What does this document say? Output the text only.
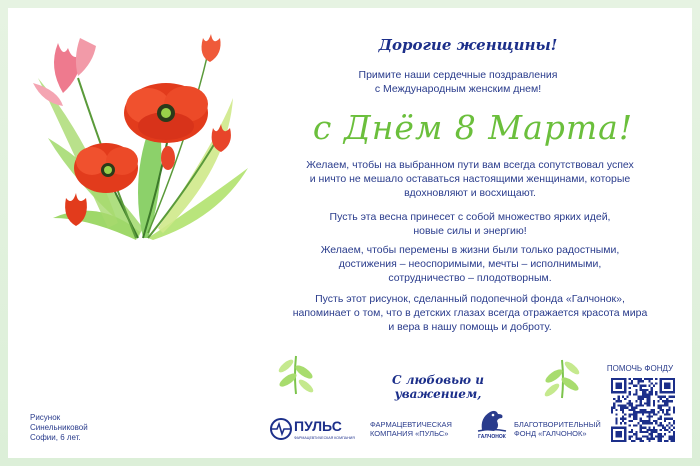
Дорогие женщины!
Примите наши сердечные поздравления
с Международным женским днем!
с Днём 8 Марта!
Желаем, чтобы на выбранном пути вам всегда сопутствовал успех
и ничто не мешало оставаться настоящими женщинами, которые
вдохновляют и восхищают.
Пусть эта весна принесет с собой множество ярких идей,
новые силы и энергию!
Желаем, чтобы перемены в жизни были только радостными,
достижения – неоспоримыми, мечты – исполнимыми,
сотрудничество – плодотворным.
Пусть этот рисунок, сделанный подопечной фонда «Галчонок»,
напоминает о том, что в детских глазах всегда отражается красота мира
и вера в нашу помощь и доброту.
С любовью и уважением,
Рисунок
Синельниковой
Софии, 6 лет.
ПУЛЬС
ФАРМАЦЕВТИЧЕСКАЯ КОМПАНИЯ
ФАРМАЦЕВТИЧЕСКАЯ
КОМПАНИЯ «ПУЛЬС»	ГАЛЧОНОК
БЛАГОТВОРИТЕЛЬНЫЙ
ФОНД «ГАЛЧОНОК»
ПОМОЧЬ ФОНДУ
